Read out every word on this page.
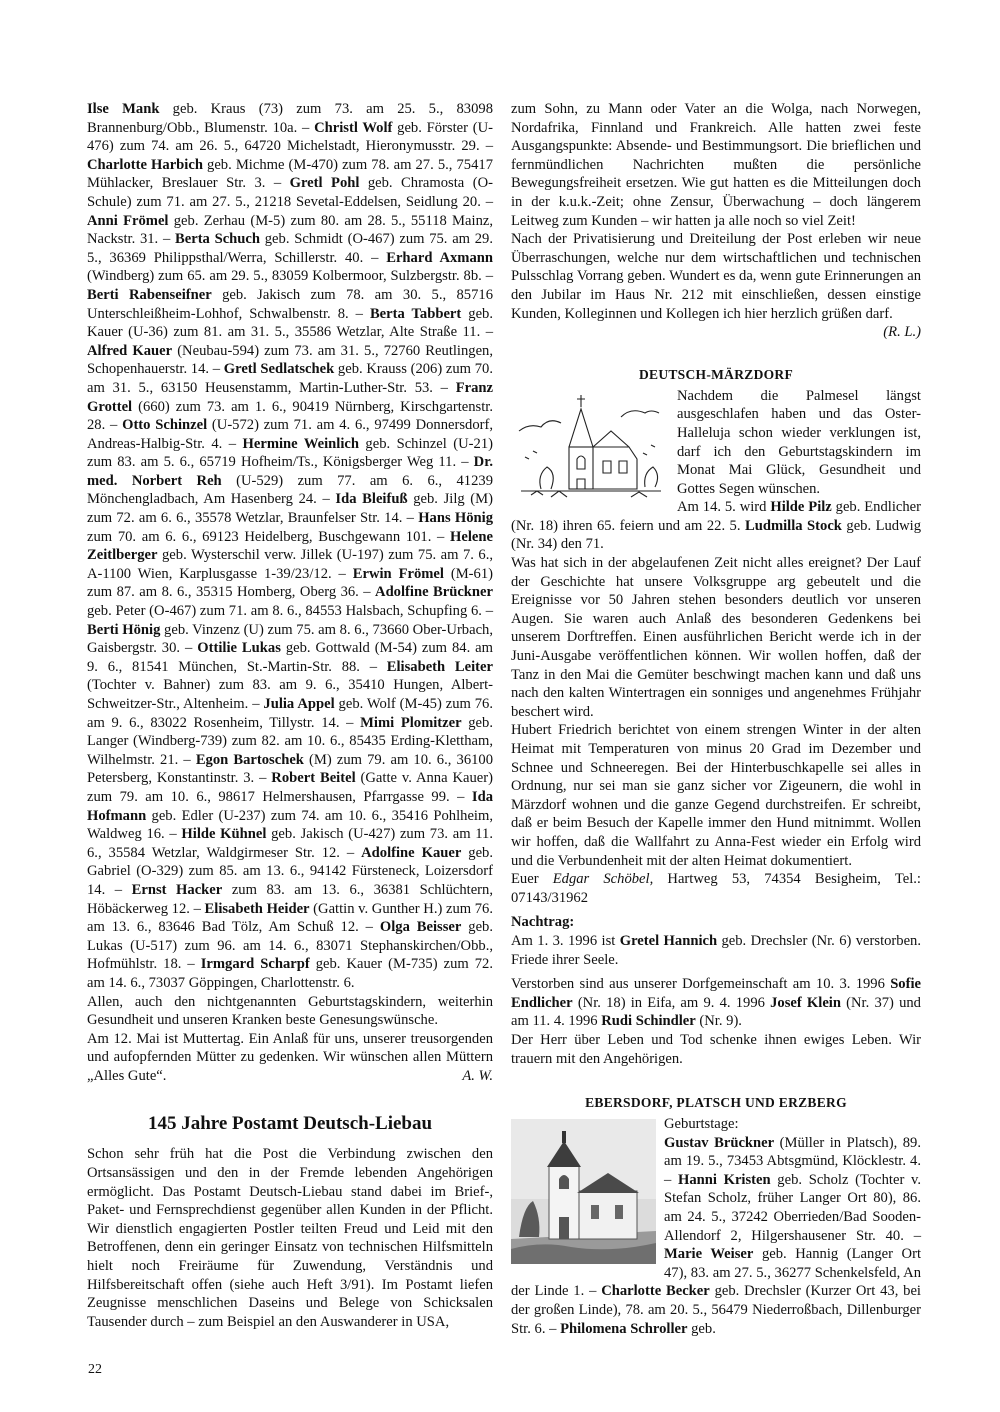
Ilse Mank geb. Kraus (73) zum 73. am 25. 5., 83098 Brannenburg/Obb., Blumenstr. 10a. – Christl Wolf geb. Förster (U-476) zum 74. am 26. 5., 64720 Michelstadt, Hieronymusstr. 29. – Charlotte Harbich geb. Michme (M-470) zum 78. am 27. 5., 75417 Mühlacker, Breslauer Str. 3. – Gretl Pohl geb. Chramosta (O-Schule) zum 71. am 27. 5., 21218 Sevetal-Eddelsen, Seidlung 20. – Anni Frömel geb. Zerhau (M-5) zum 80. am 28. 5., 55118 Mainz, Nackstr. 31. – Berta Schuch geb. Schmidt (O-467) zum 75. am 29. 5., 36369 Philippsthal/Werra, Schillerstr. 40. – Erhard Axmann (Windberg) zum 65. am 29. 5., 83059 Kolbermoor, Sulzbergstr. 8b. – Berti Rabenseifner geb. Jakisch zum 78. am 30. 5., 85716 Unterschleißheim-Lohhof, Schwalbenstr. 8. – Berta Tabbert geb. Kauer (U-36) zum 81. am 31. 5., 35586 Wetzlar, Alte Straße 11. – Alfred Kauer (Neubau-594) zum 73. am 31. 5., 72760 Reutlingen, Schopenhauerstr. 14. – Gretl Sedlatschek geb. Krauss (206) zum 70. am 31. 5., 63150 Heusenstamm, Martin-Luther-Str. 53. – Franz Grottel (660) zum 73. am 1. 6., 90419 Nürnberg, Kirschgartenstr. 28. – Otto Schinzel (U-572) zum 71. am 4. 6., 97499 Donnersdorf, Andreas-Halbig-Str. 4. – Hermine Weinlich geb. Schinzel (U-21) zum 83. am 5. 6., 65719 Hofheim/Ts., Königsberger Weg 11. – Dr. med. Norbert Reh (U-529) zum 77. am 6. 6., 41239 Mönchengladbach, Am Hasenberg 24. – Ida Bleifuß geb. Jilg (M) zum 72. am 6. 6., 35578 Wetzlar, Braunfelser Str. 14. – Hans Hönig zum 70. am 6. 6., 69123 Heidelberg, Buschgewann 101. – Helene Zeitlberger geb. Wysterschil verw. Jillek (U-197) zum 75. am 7. 6., A-1100 Wien, Karplusgasse 1-39/23/12. – Erwin Frömel (M-61) zum 87. am 8. 6., 35315 Homberg, Oberg 36. – Adolfine Brückner geb. Peter (O-467) zum 71. am 8. 6., 84553 Halsbach, Schupfing 6. – Berti Hönig geb. Vinzenz (U) zum 75. am 8. 6., 73660 Ober-Urbach, Gaisbergstr. 30. – Ottilie Lukas geb. Gottwald (M-54) zum 84. am 9. 6., 81541 München, St.-Martin-Str. 88. – Elisabeth Leiter (Tochter v. Bahner) zum 83. am 9. 6., 35410 Hungen, Albert-Schweitzer-Str., Altenheim. – Julia Appel geb. Wolf (M-45) zum 76. am 9. 6., 83022 Rosenheim, Tillystr. 14. – Mimi Plomitzer geb. Langer (Windberg-739) zum 82. am 10. 6., 85435 Erding-Klettham, Wilhelmstr. 21. – Egon Bartoschek (M) zum 79. am 10. 6., 36100 Petersberg, Konstantinstr. 3. – Robert Beitel (Gatte v. Anna Kauer) zum 79. am 10. 6., 98617 Helmershausen, Pfarrgasse 99. – Ida Hofmann geb. Edler (U-237) zum 74. am 10. 6., 35416 Pohlheim, Waldweg 16. – Hilde Kühnel geb. Jakisch (U-427) zum 73. am 11. 6., 35584 Wetzlar, Waldgirmeser Str. 12. – Adolfine Kauer geb. Gabriel (O-329) zum 85. am 13. 6., 94142 Fürsteneck, Loizersdorf 14. – Ernst Hacker zum 83. am 13. 6., 36381 Schlüchtern, Höbäckerweg 12. – Elisabeth Heider (Gattin v. Gunther H.) zum 76. am 13. 6., 83646 Bad Tölz, Am Schuß 12. – Olga Beisser geb. Lukas (U-517) zum 96. am 14. 6., 83071 Stephanskirchen/Obb., Hofmühlstr. 18. – Irmgard Scharpf geb. Kauer (M-735) zum 72. am 14. 6., 73037 Göppingen, Charlottenstr. 6.

Allen, auch den nichtgenannten Geburtstagskindern, weiterhin Gesundheit und unseren Kranken beste Genesungswünsche.

Am 12. Mai ist Muttertag. Ein Anlaß für uns, unserer treusorgenden und aufopfernden Mütter zu gedenken. Wir wünschen allen Müttern „Alles Gute“.	A. W.

145 Jahre Postamt Deutsch-Liebau

Schon sehr früh hat die Post die Verbindung zwischen den Ortsansässigen und den in der Fremde lebenden Angehörigen ermöglicht. Das Postamt Deutsch-Liebau stand dabei im Brief-, Paket- und Fernsprechdienst gegenüber allen Kunden in der Pflicht. Wir dienstlich engagierten Postler teilten Freud und Leid mit den Betroffenen, denn ein geringer Einsatz von technischen Hilfsmitteln hielt noch Freiräume für Zuwendung, Verständnis und Hilfsbereitschaft offen (siehe auch Heft 3/91). Im Postamt liefen Zeugnisse menschlichen Daseins und Belege von Schicksalen Tausender durch – zum Beispiel an den Auswanderer in USA,

zum Sohn, zu Mann oder Vater an die Wolga, nach Norwegen, Nordafrika, Finnland und Frankreich. Alle hatten zwei feste Ausgangspunkte: Absende- und Bestimmungsort. Die brieflichen und fernmündlichen Nachrichten mußten die persönliche Bewegungsfreiheit ersetzen. Wie gut hatten es die Mitteilungen doch in der k.u.k.-Zeit; ohne Zensur, Überwachung – doch längerem Leitweg zum Kunden – wir hatten ja alle noch so viel Zeit!

Nach der Privatisierung und Dreiteilung der Post erleben wir neue Überraschungen, welche nur dem wirtschaftlichen und technischen Pulsschlag Vorrang geben. Wundert es da, wenn gute Erinnerungen an den Jubilar im Haus Nr. 212 mit einschließen, dessen einstige Kunden, Kolleginnen und Kollegen ich hier herzlich grüßen darf.
(R. L.)

DEUTSCH-MÄRZDORF

Nachdem die Palmesel längst ausgeschlafen haben und das Oster-Halleluja schon wieder verklungen ist, darf ich den Geburtstagskindern im Monat Mai Glück, Gesundheit und Gottes Segen wünschen.

Am 14. 5. wird Hilde Pilz geb. Endlicher (Nr. 18) ihren 65. feiern und am 22. 5. Ludmilla Stock geb. Ludwig (Nr. 34) den 71.

Was hat sich in der abgelaufenen Zeit nicht alles ereignet? Der Lauf der Geschichte hat unsere Volksgruppe arg gebeutelt und die Ereignisse vor 50 Jahren stehen besonders deutlich vor unseren Augen. Sie waren auch Anlaß des besonderen Gedenkens bei unserem Dorftreffen. Einen ausführlichen Bericht werde ich in der Juni-Ausgabe veröffentlichen können. Wir wollen hoffen, daß der Tanz in den Mai die Gemüter beschwingt machen kann und daß uns nach den kalten Wintertragen ein sonniges und angenehmes Frühjahr beschert wird.

Hubert Friedrich berichtet von einem strengen Winter in der alten Heimat mit Temperaturen von minus 20 Grad im Dezember und Schnee und Schneeregen. Bei der Hinterbuschkapelle sei alles in Ordnung, nur sei man sie ganz sicher vor Zigeunern, die wohl in Märzdorf wohnen und die ganze Gegend durchstreifen. Er schreibt, daß er beim Besuch der Kapelle immer den Hund mitnimmt. Wollen wir hoffen, daß die Wallfahrt zu Anna-Fest wieder ein Erfolg wird und die Verbundenheit mit der alten Heimat dokumentiert.

Euer Edgar Schöbel, Hartweg 53, 74354 Besigheim, Tel.: 07143/31962

Nachtrag:

Am 1. 3. 1996 ist Gretel Hannich geb. Drechsler (Nr. 6) verstorben. Friede ihrer Seele.

Verstorben sind aus unserer Dorfgemeinschaft am 10. 3. 1996 Sofie Endlicher (Nr. 18) in Eifa, am 9. 4. 1996 Josef Klein (Nr. 37) und am 11. 4. 1996 Rudi Schindler (Nr. 9).

Der Herr über Leben und Tod schenke ihnen ewiges Leben. Wir trauern mit den Angehörigen.

EBERSDORF, PLATSCH UND ERZBERG

Geburtstage:

Gustav Brückner (Müller in Platsch), 89. am 19. 5., 73453 Abtsgmünd, Klöcklestr. 4. – Hanni Kristen geb. Scholz (Tochter v. Stefan Scholz, früher Langer Ort 80), 86. am 24. 5., 37242 Oberrieden/Bad Sooden-Allendorf 2, Hilgershausener Str. 40. – Marie Weiser geb. Hannig (Langer Ort 47), 83. am 27. 5., 36277 Schenkelsfeld, An der Linde 1. – Charlotte Becker geb. Drechsler (Kurzer Ort 43, bei der großen Linde), 78. am 20. 5., 56479 Niederroßbach, Dillenburger Str. 6. – Philomena Schroller geb.

22
